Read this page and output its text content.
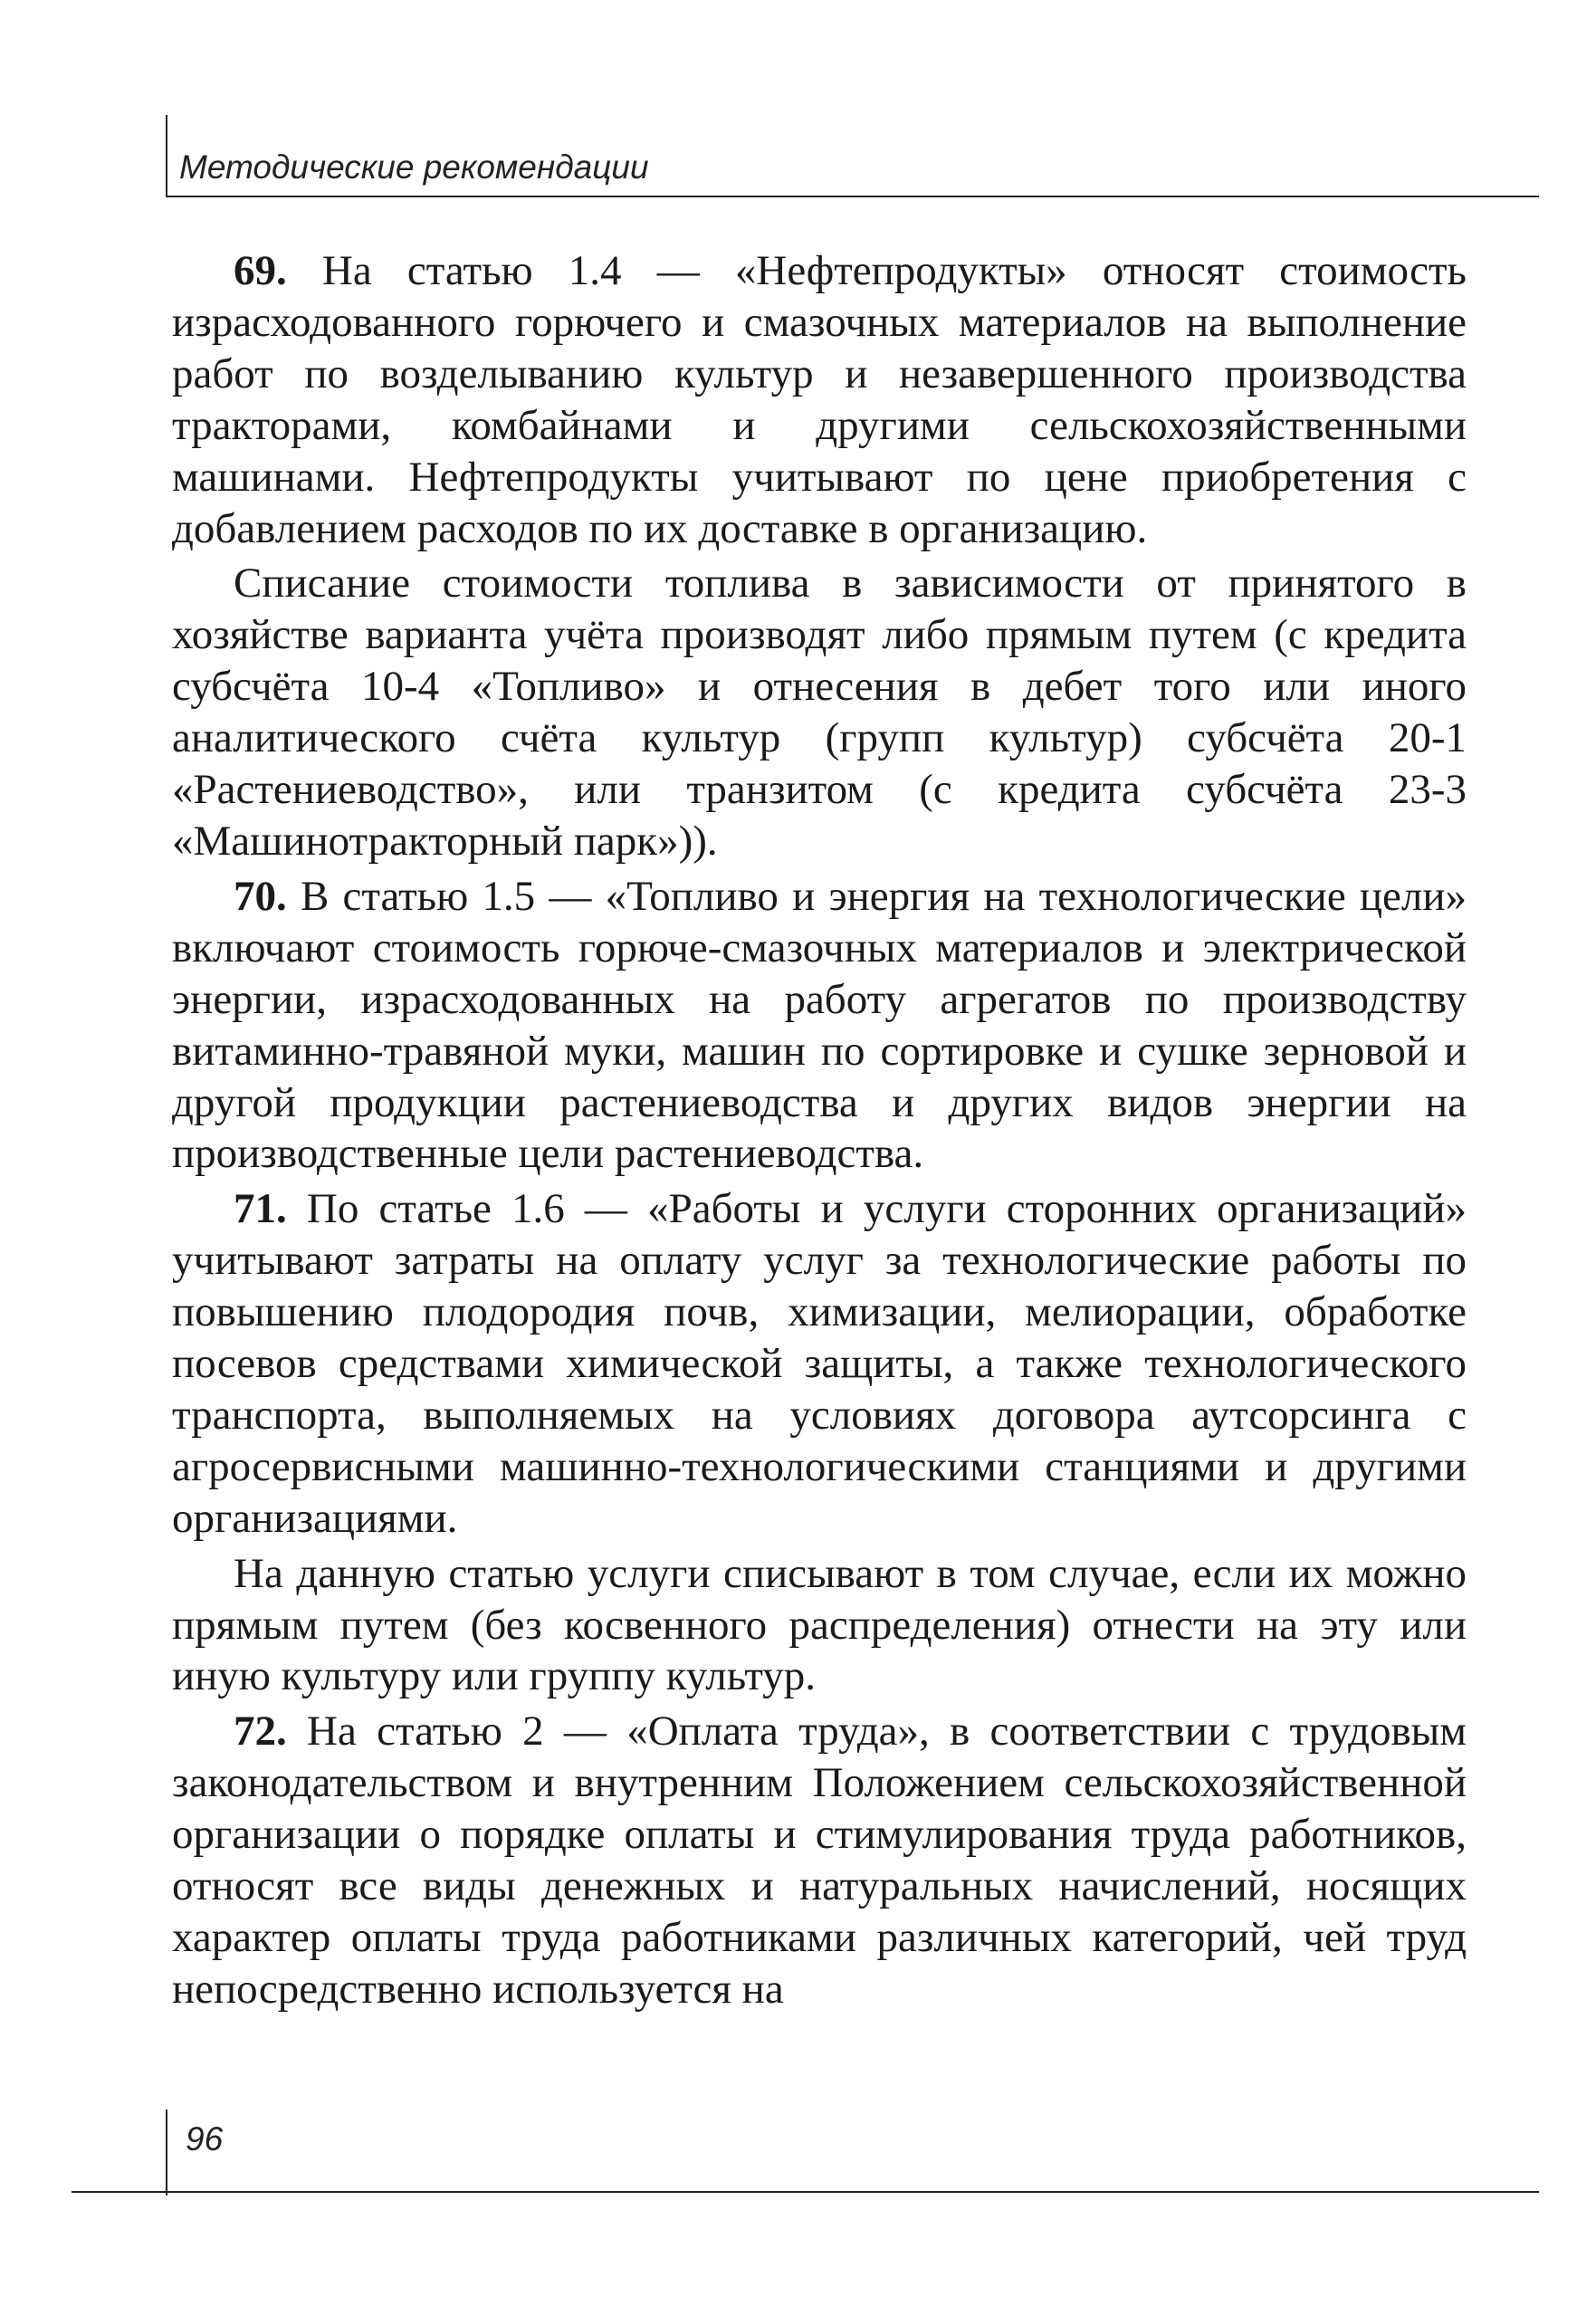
Методические рекомендации

69. На статью 1.4 — «Нефтепродукты» относят стоимость израсходованного горючего и смазочных материалов на выполнение работ по возделыванию культур и незавершенного производства тракторами, комбайнами и другими сельскохозяйственными машинами. Нефтепродукты учитывают по цене приобретения с добавлением расходов по их доставке в организацию.

Списание стоимости топлива в зависимости от принятого в хозяйстве варианта учёта производят либо прямым путем (с кредита субсчёта 10-4 «Топливо» и отнесения в дебет того или иного аналитического счёта культур (групп культур) субсчёта 20-1 «Растениеводство», или транзитом (с кредита субсчёта 23-3 «Машинотракторный парк»)).

70. В статью 1.5 — «Топливо и энергия на технологические цели» включают стоимость горюче-смазочных материалов и электрической энергии, израсходованных на работу агрегатов по производству витаминно-травяной муки, машин по сортировке и сушке зерновой и другой продукции растениеводства и других видов энергии на производственные цели растениеводства.

71. По статье 1.6 — «Работы и услуги сторонних организаций» учитывают затраты на оплату услуг за технологические работы по повышению плодородия почв, химизации, мелиорации, обработке посевов средствами химической защиты, а также технологического транспорта, выполняемых на условиях договора аутсорсинга с агросервисными машинно-технологическими станциями и другими организациями.

На данную статью услуги списывают в том случае, если их можно прямым путем (без косвенного распределения) отнести на эту или иную культуру или группу культур.

72. На статью 2 — «Оплата труда», в соответствии с трудовым законодательством и внутренним Положением сельскохозяйственной организации о порядке оплаты и стимулирования труда работников, относят все виды денежных и натуральных начислений, носящих характер оплаты труда работниками различных категорий, чей труд непосредственно используется на

96
